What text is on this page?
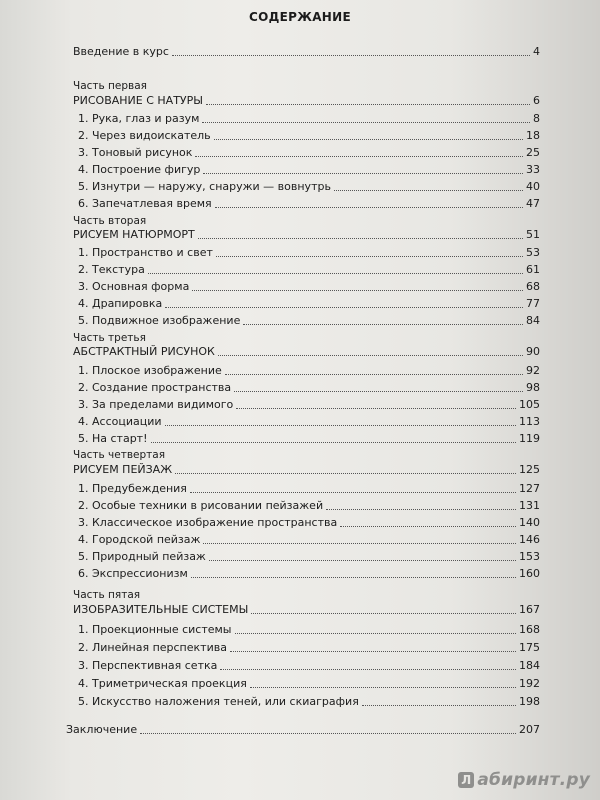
СОДЕРЖАНИЕ
Введение в курс	4
Часть первая
РИСОВАНИЕ С НАТУРЫ	6
1. Рука, глаз и разум	8
2. Через видоискатель	18
3. Тоновый рисунок	25
4. Построение фигур	33
5. Изнутри — наружу, снаружи — вовнутрь	40
6. Запечатлевая время	47
Часть вторая
РИСУЕМ НАТЮРМОРТ	51
1. Пространство и свет	53
2. Текстура	61
3. Основная форма	68
4. Драпировка	77
5. Подвижное изображение	84
Часть третья
АБСТРАКТНЫЙ РИСУНОК	90
1. Плоское изображение	92
2. Создание пространства	98
3. За пределами видимого	105
4. Ассоциации	113
5. На старт!	119
Часть четвертая
РИСУЕМ ПЕЙЗАЖ	125
1. Предубеждения	127
2. Особые техники в рисовании пейзажей	131
3. Классическое изображение пространства	140
4. Городской пейзаж	146
5. Природный пейзаж	153
6. Экспрессионизм	160
Часть пятая
ИЗОБРАЗИТЕЛЬНЫЕ СИСТЕМЫ	167
1. Проекционные системы	168
2. Линейная перспектива	175
3. Перспективная сетка	184
4. Триметрическая проекция	192
5. Искусство наложения теней, или скиаграфия	198
Заключение	207
Л абиринт.ру
